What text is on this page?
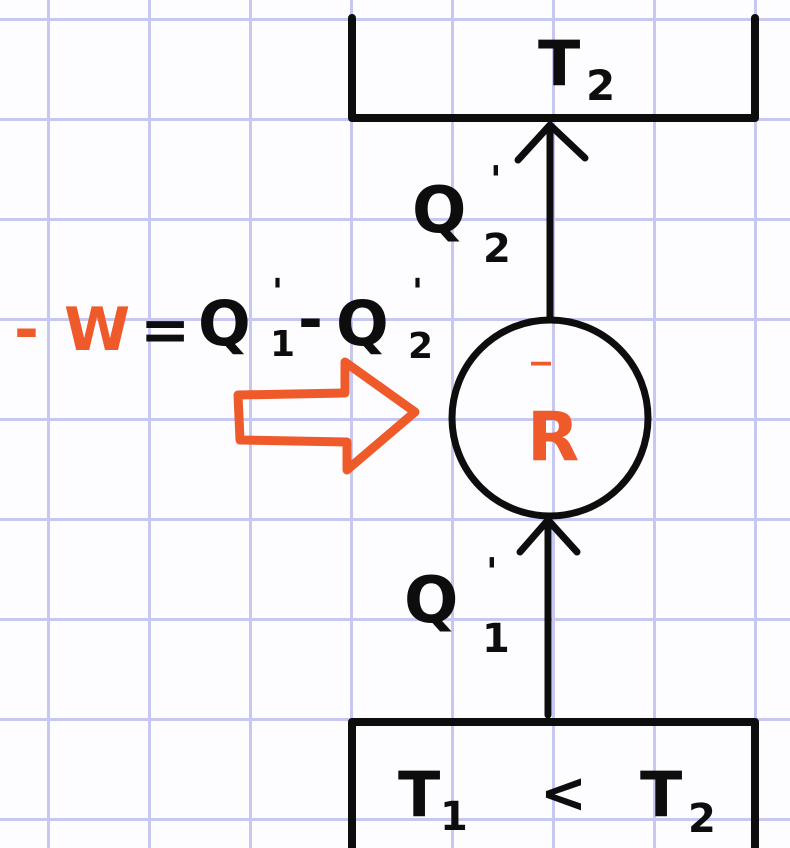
T 2
Q '
2
R
‾
Q '
1
T 1 < T 2
- W = Q '
1 - Q '
2
